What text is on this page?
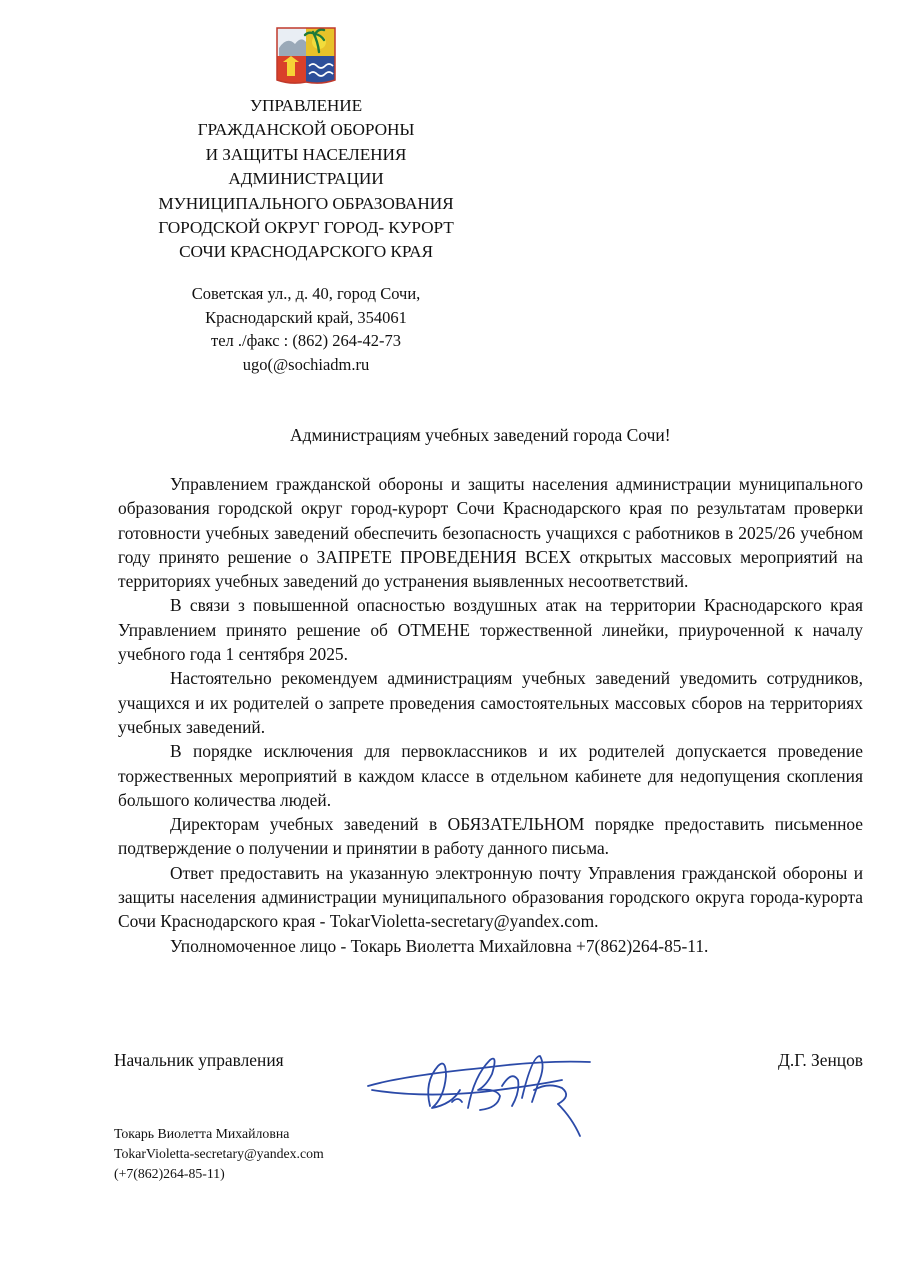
УПРАВЛЕНИЕ
ГРАЖДАНСКОЙ ОБОРОНЫ
И ЗАЩИТЫ НАСЕЛЕНИЯ
АДМИНИСТРАЦИИ
МУНИЦИПАЛЬНОГО ОБРАЗОВАНИЯ
ГОРОДСКОЙ ОКРУГ ГОРОД- КУРОРТ
СОЧИ КРАСНОДАРСКОГО КРАЯ
Советская ул., д. 40, город Сочи,
Краснодарский край, 354061
тел ./факс : (862) 264-42-73
ugo(@sochiadm.ru
Администрациям учебных заведений города Сочи!

Управлением гражданской обороны и защиты населения администрации муниципального образования городской округ город-курорт Сочи Краснодарского края по результатам проверки готовности учебных заведений обеспечить безопасность учащихся с работников в 2025/26 учебном году принято решение о ЗАПРЕТЕ ПРОВЕДЕНИЯ ВСЕХ открытых массовых мероприятий на территориях учебных заведений до устранения выявленных несоответствий.

В связи з повышенной опасностью воздушных атак на территории Краснодарского края Управлением принято решение об ОТМЕНЕ торжественной линейки, приуроченной к началу учебного года 1 сентября 2025.

Настоятельно рекомендуем администрациям учебных заведений уведомить сотрудников, учащихся и их родителей о запрете проведения самостоятельных массовых сборов на территориях учебных заведений.

В порядке исключения для первоклассников и их родителей допускается проведение торжественных мероприятий в каждом классе в отдельном кабинете для недопущения скопления большого количества людей.

Директорам учебных заведений в ОБЯЗАТЕЛЬНОМ порядке предоставить письменное подтверждение о получении и принятии в работу данного письма.

Ответ предоставить на указанную электронную почту Управления гражданской обороны и защиты населения администрации муниципального образования городского округа города-курорта Сочи Краснодарского края - TokarVioletta-secretary@yandex.com.

Уполномоченное лицо - Токарь Виолетта Михайловна +7(862)264-85-11.

Начальник управления	Д.Г. Зенцов
Токарь Виолетта Михайловна
TokarVioletta-secretary@yandex.com
(+7(862)264-85-11)
